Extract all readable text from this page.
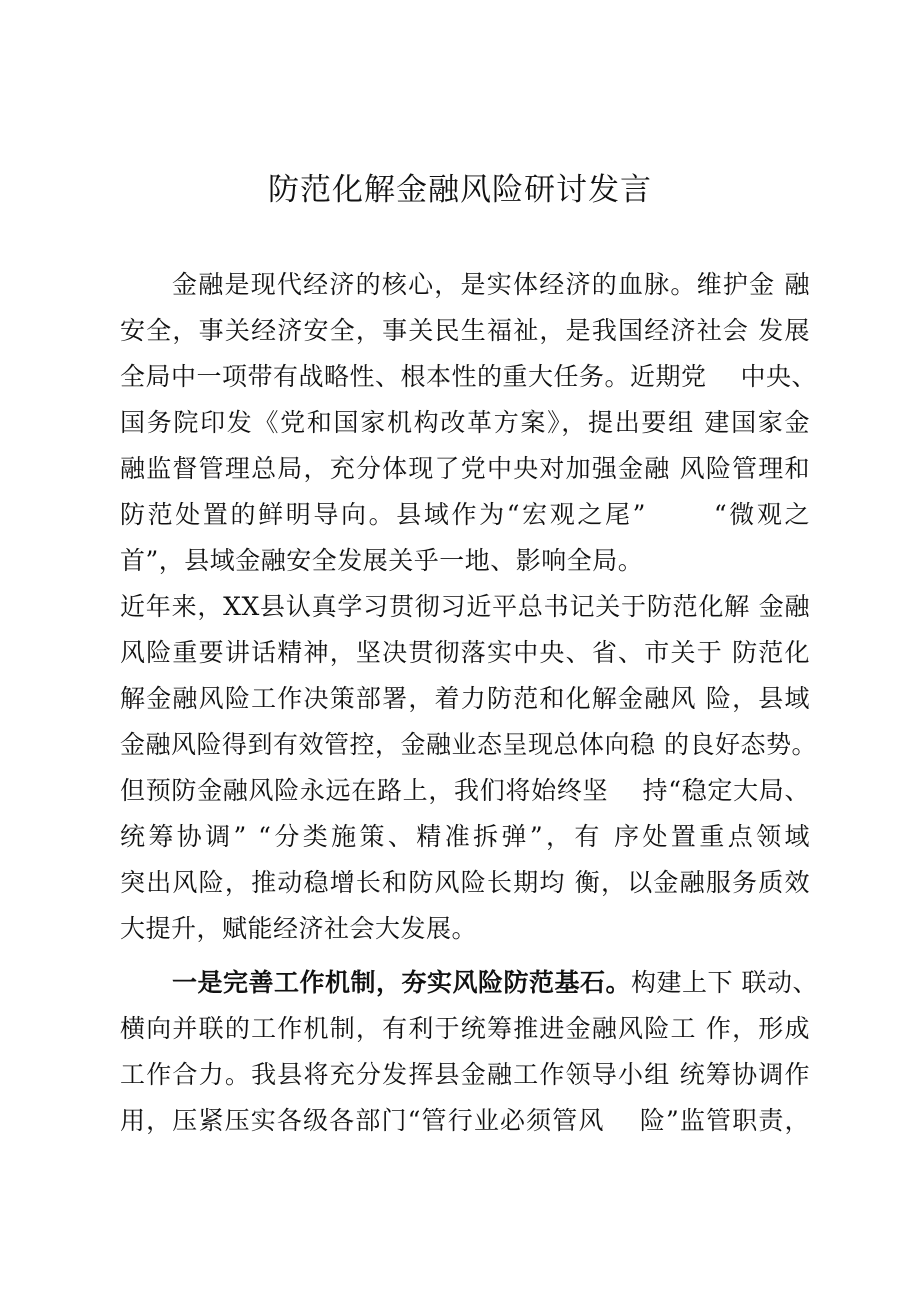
防范化解金融风险研讨发言
金融是现代经济的核心，是实体经济的血脉。维护金 融
安全，事关经济安全，事关民生福祉，是我国经济社会 发展
全局中一项带有战略性、根本性的重大任务。近期党　 中央、
国务院印发《党和国家机构改革方案》，提出要组 建国家金
融监督管理总局，充分体现了党中央对加强金融 风险管理和
防范处置的鲜明导向。县域作为“宏观之尾”　　 “微观之
首”，县域金融安全发展关乎一地、影响全局。
近年来，XX县认真学习贯彻习近平总书记关于防范化解 金融
风险重要讲话精神，坚决贯彻落实中央、省、市关于 防范化
解金融风险工作决策部署，着力防范和化解金融风 险，县域
金融风险得到有效管控，金融业态呈现总体向稳 的良好态势。
但预防金融风险永远在路上，我们将始终坚　 持“稳定大局、
统筹协调” “分类施策、精准拆弹”，有 序处置重点领域
突出风险，推动稳增长和防风险长期均 衡，以金融服务质效
大提升，赋能经济社会大发展。
一是完善工作机制，夯实风险防范基石。构建上下 联动、
横向并联的工作机制，有利于统筹推进金融风险工 作，形成
工作合力。我县将充分发挥县金融工作领导小组 统筹协调作
用，压紧压实各级各部门“管行业必须管风　 险”监管职责，
